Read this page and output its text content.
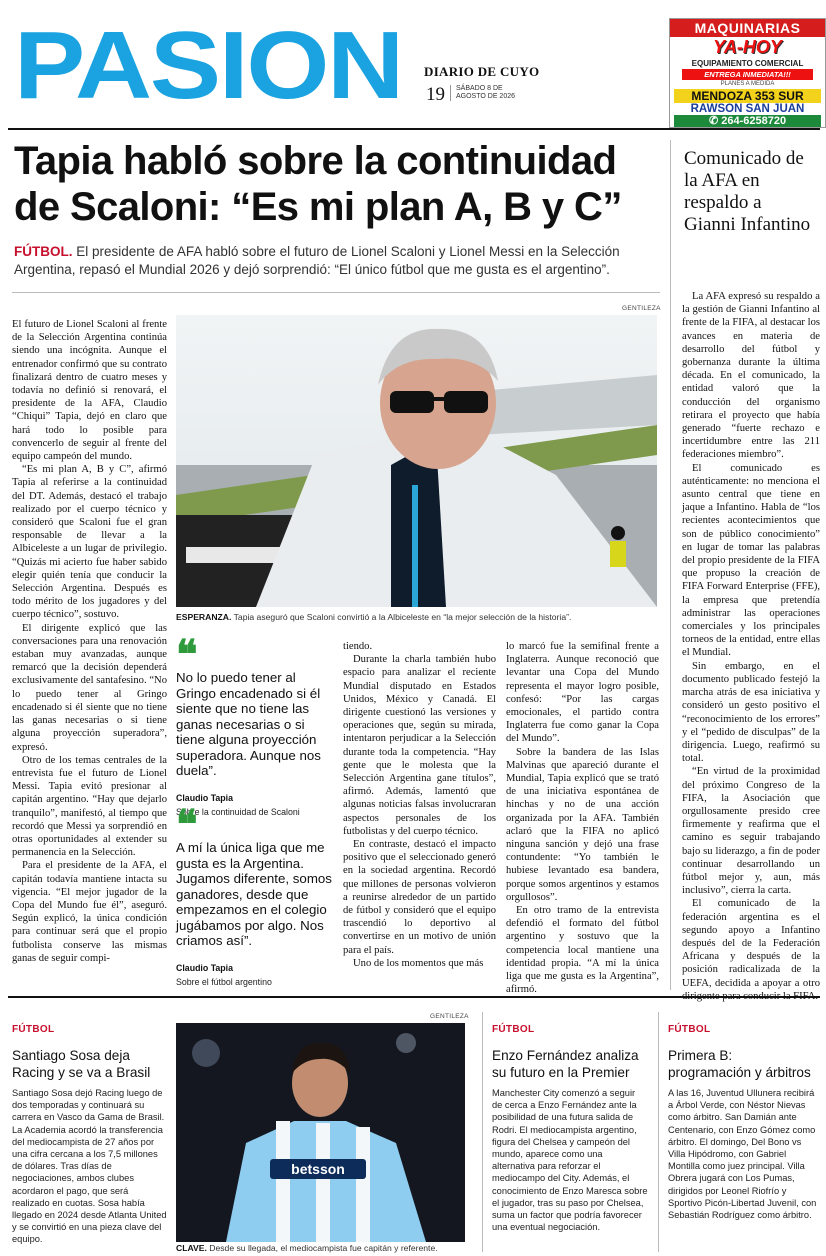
PASION DIARIO DE CUYO
19 SÁBADO 8 DE
AGOSTO DE 2026
MAQUINARIAS
YA-HOY
EQUIPAMIENTO COMERCIAL
ENTREGA INMEDIATA!!!
PLANES A MEDIDA
MENDOZA 353 SUR
RAWSON SAN JUAN
✆ 264-6258720
Tapia habló sobre la continuidad
de Scaloni: “Es mi plan A, B y C”
FÚTBOL. El presidente de AFA habló sobre el futuro de Lionel Scaloni y Lionel Messi en la Selección Argentina, repasó el Mundial 2026 y dejó sorprendió: “El único fútbol que me gusta es el argentino”.

El futuro de Lionel Scaloni al frente de la Selección Argentina continúa siendo una incógnita. Aunque el entrenador confirmó que su contrato finalizará dentro de cuatro meses y todavía no definió si renovará, el presidente de la AFA, Claudio “Chiqui” Tapia, dejó en claro que hará todo lo posible para convencerlo de seguir al frente del equipo campeón del mundo.

“Es mi plan A, B y C”, afirmó Tapia al referirse a la continuidad del DT. Además, destacó el trabajo realizado por el cuerpo técnico y consideró que Scaloni fue el gran responsable de llevar a la Albiceleste a un lugar de privilegio. “Quizás mi acierto fue haber sabido elegir quién tenía que conducir la Selección Argentina. Después es todo mérito de los jugadores y del cuerpo técnico”, sostuvo.

El dirigente explicó que las conversaciones para una renovación estaban muy avanzadas, aunque remarcó que la decisión dependerá exclusivamente del santafesino. “No lo puedo tener al Gringo encadenado si él siente que no tiene las ganas necesarias o si tiene alguna proyección superadora”, expresó.

Otro de los temas centrales de la entrevista fue el futuro de Lionel Messi. Tapia evitó presionar al capitán argentino. “Hay que dejarlo tranquilo”, manifestó, al tiempo que recordó que Messi ya sorprendió en otras oportunidades al extender su permanencia en la Selección.

Para el presidente de la AFA, el capitán todavía mantiene intacta su vigencia. “El mejor jugador de la Copa del Mundo fue él”, aseguró. Según explicó, la única condición para continuar será que el propio futbolista conserve las mismas ganas de seguir compi-

GENTILEZA
ESPERANZA. Tapia aseguró que Scaloni convirtió a la Albiceleste en “la mejor selección de la historia”.
❝
No lo puedo tener al Gringo encadenado si él siente que no tiene las ganas necesarias o si tiene alguna proyección superadora. Aunque nos duela”.
Claudio Tapia
Sobre la continuidad de Scaloni
❝
A mí la única liga que me gusta es la Argentina. Jugamos diferente, somos ganadores, desde que empezamos en el colegio jugábamos por algo. Nos criamos así”.
Claudio Tapia
Sobre el fútbol argentino

tiendo.

Durante la charla también hubo espacio para analizar el reciente Mundial disputado en Estados Unidos, México y Canadá. El dirigente cuestionó las versiones y operaciones que, según su mirada, intentaron perjudicar a la Selección durante toda la competencia. “Hay gente que le molesta que la Selección Argentina gane títulos”, afirmó. Además, lamentó que algunas noticias falsas involucraran aspectos personales de los futbolistas y del cuerpo técnico.

En contraste, destacó el impacto positivo que el seleccionado generó en la sociedad argentina. Recordó que millones de personas volvieron a reunirse alrededor de un partido de fútbol y consideró que el equipo trascendió lo deportivo al convertirse en un motivo de unión para el país.

Uno de los momentos que más

lo marcó fue la semifinal frente a Inglaterra. Aunque reconoció que levantar una Copa del Mundo representa el mayor logro posible, confesó: “Por las cargas emocionales, el partido contra Inglaterra fue como ganar la Copa del Mundo”.

Sobre la bandera de las Islas Malvinas que apareció durante el Mundial, Tapia explicó que se trató de una iniciativa espontánea de hinchas y no de una acción organizada por la AFA. También aclaró que la FIFA no aplicó ninguna sanción y dejó una frase contundente: “Yo también le hubiese levantado esa bandera, porque somos argentinos y estamos orgullosos”.

En otro tramo de la entrevista defendió el formato del fútbol argentino y sostuvo que la competencia local mantiene una identidad propia. “A mí la única liga que me gusta es la Argentina”, afirmó.

Comunicado de la AFA en respaldo a Gianni Infantino

La AFA expresó su respaldo a la gestión de Gianni Infantino al frente de la FIFA, al destacar los avances en materia de desarrollo del fútbol y gobernanza durante la última década. En el comunicado, la entidad valoró que la conducción del organismo retirara el proyecto que había generado “fuerte rechazo e incertidumbre entre las 211 federaciones miembro”.

El comunicado es auténticamente: no menciona el asunto central que tiene en jaque a Infantino. Habla de “los recientes acontecimientos que son de público conocimiento” en lugar de tomar las palabras del propio presidente de la FIFA que propuso la creación de FIFA Forward Enterprise (FFE), la empresa que pretendía administrar las operaciones comerciales y los principales torneos de la entidad, entre ellas el Mundial.

Sin embargo, en el documento publicado festejó la marcha atrás de esa iniciativa y consideró un gesto positivo el “reconocimiento de los errores” y el “pedido de disculpas” de la dirigencia. Luego, reafirmó su total.

“En virtud de la proximidad del próximo Congreso de la FIFA, la Asociación que orgullosamente presido cree firmemente y reafirma que el camino es seguir trabajando bajo su liderazgo, a fin de poder continuar desarrollando un fútbol mejor y, aun, más inclusivo”, cierra la carta.

El comunicado de la federación argentina es el segundo apoyo a Infantino después del de la Federación Africana y después de la posición radicalizada de la UEFA, decidida a apoyar a otro

FÚTBOL
Santiago Sosa deja Racing y se va a Brasil
Santiago Sosa dejó Racing luego de dos temporadas y continuará su carrera en Vasco da Gama de Brasil. La Academia acordó la transferencia del mediocampista de 27 años por una cifra cercana a los 7,5 millones de dólares. Tras días de negociaciones, ambos clubes acordaron el pago, que será realizado en cuotas. Sosa había llegado en 2024 desde Atlanta United y se convirtió en una pieza clave del equipo.
GENTILEZA
betsson
CLAVE. Desde su llegada, el mediocampista fue capitán y referente.
FÚTBOL
Enzo Fernández analiza su futuro en la Premier
Manchester City comenzó a seguir de cerca a Enzo Fernández ante la posibilidad de una futura salida de Rodri. El mediocampista argentino, figura del Chelsea y campeón del mundo, aparece como una alternativa para reforzar el mediocampo del City. Además, el conocimiento de Enzo Maresca sobre el jugador, tras su paso por Chelsea, suma un factor que podría favorecer una eventual negociación.
FÚTBOL
Primera B: programación y árbitros
A las 16, Juventud Ullunera recibirá a Árbol Verde, con Néstor Nievas como árbitro. San Damián ante Centenario, con Enzo Gómez como árbitro. El domingo, Del Bono vs Villa Hipódromo, con Gabriel Montilla como juez principal. Villa Obrera jugará con Los Pumas, dirigidos por Leonel Riofrío y Sportivo Picón-Libertad Juvenil, con Sebastián Rodríguez como árbitro.
